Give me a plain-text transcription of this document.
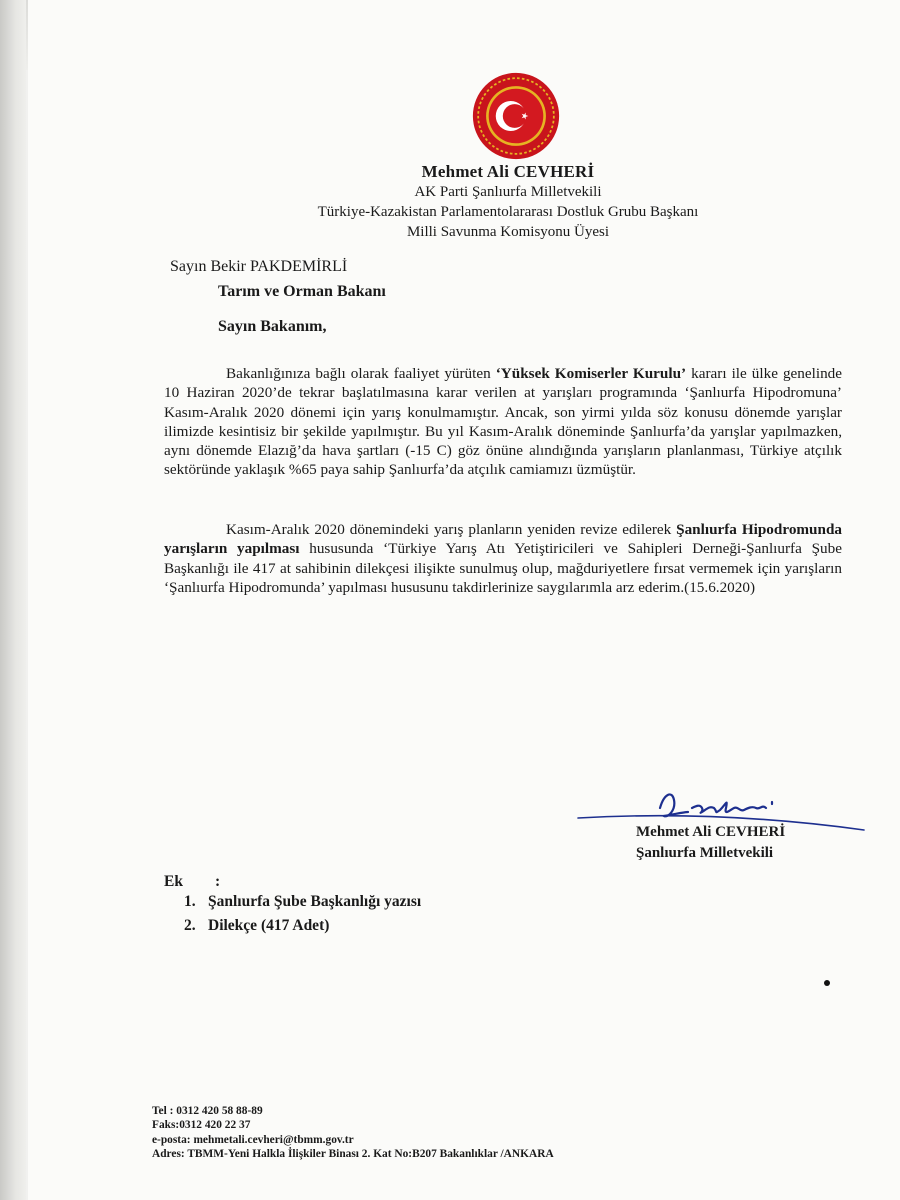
Mehmet Ali CEVHERİ
AK Parti Şanlıurfa Milletvekili
Türkiye-Kazakistan Parlamentolararası Dostluk Grubu Başkanı
Milli Savunma Komisyonu Üyesi
Sayın Bekir PAKDEMİRLİ
Tarım ve Orman Bakanı
Sayın Bakanım,
Bakanlığınıza bağlı olarak faaliyet yürüten ‘Yüksek Komiserler Kurulu’ kararı ile ülke genelinde 10 Haziran 2020’de tekrar başlatılmasına karar verilen at yarışları programında ‘Şanlıurfa Hipodromuna’ Kasım-Aralık 2020 dönemi için yarış konulmamıştır. Ancak, son yirmi yılda söz konusu dönemde yarışlar ilimizde kesintisiz bir şekilde yapılmıştır. Bu yıl Kasım-Aralık döneminde Şanlıurfa’da yarışlar yapılmazken, aynı dönemde Elazığ’da hava şartları (-15 C) göz önüne alındığında yarışların planlanması, Türkiye atçılık sektöründe yaklaşık %65 paya sahip Şanlıurfa’da atçılık camiamızı üzmüştür.
Kasım-Aralık 2020 dönemindeki yarış planların yeniden revize edilerek Şanlıurfa Hipodromunda yarışların yapılması hususunda ‘Türkiye Yarış Atı Yetiştiricileri ve Sahipleri Derneği-Şanlıurfa Şube Başkanlığı ile 417 at sahibinin dilekçesi ilişikte sunulmuş olup, mağduriyetlere fırsat vermemek için yarışların ‘Şanlıurfa Hipodromunda’ yapılması hususunu takdirlerinize saygılarımla arz ederim.(15.6.2020)
Mehmet Ali CEVHERİ
Şanlıurfa Milletvekili
Ek :
1. Şanlıurfa Şube Başkanlığı yazısı
2. Dilekçe (417 Adet)
Tel : 0312 420 58 88-89
Faks:0312 420 22 37
e-posta: mehmetali.cevheri@tbmm.gov.tr
Adres: TBMM-Yeni Halkla İlişkiler Binası 2. Kat No:B207 Bakanlıklar /ANKARA
